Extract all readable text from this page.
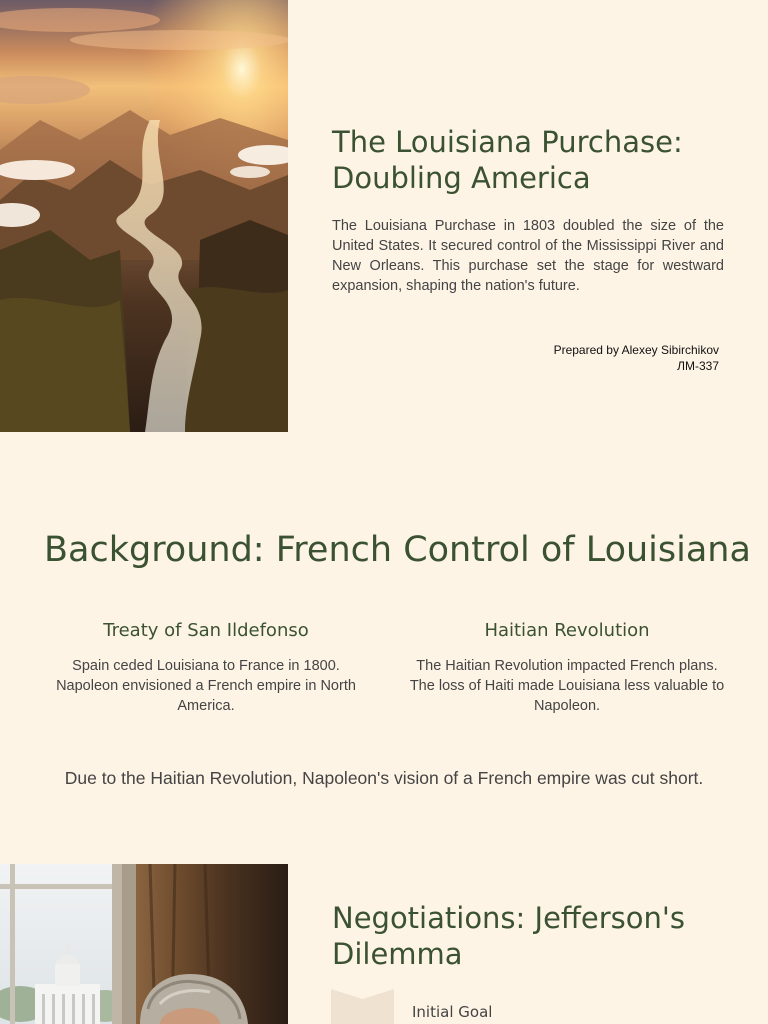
The Louisiana Purchase: Doubling America

The Louisiana Purchase in 1803 doubled the size of the United States. It secured control of the Mississippi River and New Orleans. This purchase set the stage for westward expansion, shaping the nation's future.

Prepared by Alexey Sibirchikov
ЛМ-337
Background: French Control of Louisiana
Treaty of San Ildefonso

Spain ceded Louisiana to France in 1800. Napoleon envisioned a French empire in North America.

Haitian Revolution

The Haitian Revolution impacted French plans. The loss of Haiti made Louisiana less valuable to Napoleon.

Due to the Haitian Revolution, Napoleon's vision of a French empire was cut short.

Negotiations: Jefferson's Dilemma
Initial Goal
